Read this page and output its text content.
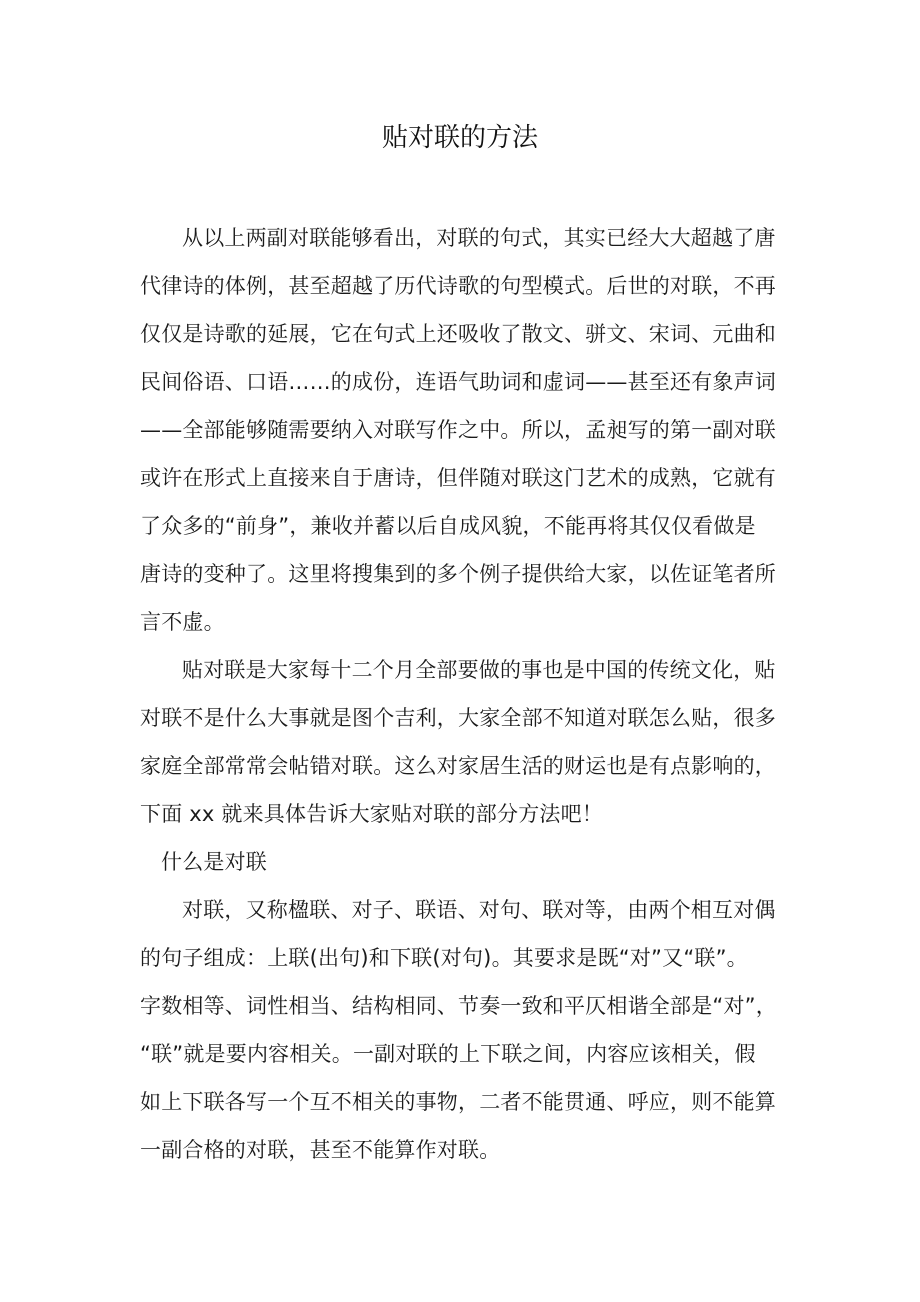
贴对联的方法
从以上两副对联能够看出，对联的句式，其实已经大大超越了唐
代律诗的体例，甚至超越了历代诗歌的句型模式。后世的对联，不再
仅仅是诗歌的延展，它在句式上还吸收了散文、骈文、宋词、元曲和
民间俗语、口语……的成份，连语气助词和虚词——甚至还有象声词
——全部能够随需要纳入对联写作之中。所以，孟昶写的第一副对联
或许在形式上直接来自于唐诗，但伴随对联这门艺术的成熟，它就有
了众多的“前身”，兼收并蓄以后自成风貌，不能再将其仅仅看做是
唐诗的变种了。这里将搜集到的多个例子提供给大家，以佐证笔者所
言不虚。
贴对联是大家每十二个月全部要做的事也是中国的传统文化，贴
对联不是什么大事就是图个吉利，大家全部不知道对联怎么贴，很多
家庭全部常常会帖错对联。这么对家居生活的财运也是有点影响的，
下面 xx 就来具体告诉大家贴对联的部分方法吧！
什么是对联
对联，又称楹联、对子、联语、对句、联对等，由两个相互对偶
的句子组成：上联(出句)和下联(对句)。其要求是既“对”又“联”。
字数相等、词性相当、结构相同、节奏一致和平仄相谐全部是“对”，
“联”就是要内容相关。一副对联的上下联之间，内容应该相关，假
如上下联各写一个互不相关的事物，二者不能贯通、呼应，则不能算
一副合格的对联，甚至不能算作对联。
